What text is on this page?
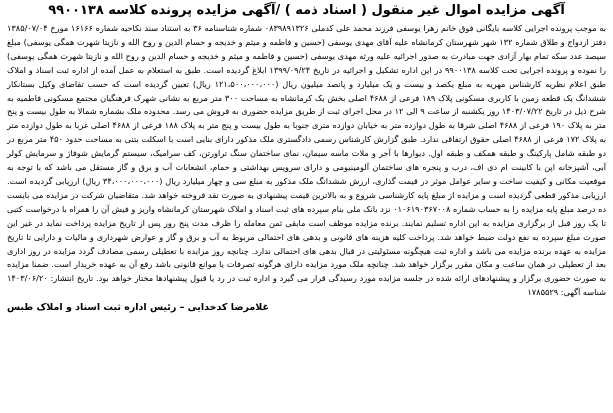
آگهی مزایده اموال غیر منقول ( اسناد ذمه ) /آگهی مزایده پرونده کلاسه ۹۹۰۰۱۳۸

به موجب پرونده اجرایی کلاسه بایگانی فوق خانم زهرا یوسفی فرزند محمد علی کدملی ۰۸۳۹۸۹۱۳۲۶ شماره شناسنامه ۳۶ به استناد سند نکاحیه شماره ۱۶۱۶۶ مورخ ۱۳۸۵/۰۷/۰۴ دفتر ازدواج و طلاق شماره ۱۳۲ شهر شهرستان کرمانشاه علیه آقای مهدی یوسفی (حسین و فاطمه و میثم و خدیجه و حسام الدین و روح الله و نازیتا شهرت همگی یوسفی) مبلغ سیصد عدد سکه تمام بهار آزادی جهت مبادرت به صدور اجرائیه علیه ورثه مهدی یوسفی (حسین و فاطمه و میثم و خدیجه و حسام الدین و روح الله و نازیتا شهرت همگی یوسفی) را نموده و پرونده اجرایی تحت کلاسه ۹۹۰۰۱۳۸ در این اداره تشکیل و اجرائیه در تاریخ ۱۳۹۹/۰۹/۲۴ ابلاغ گردیده است. طبق به استعلام به عمل آمده از اداره ثبت اسناد و املاک طبق اعلام نظریه کارشناس مهریه به مبلغ یکصد و بیست و یک میلیارد و پانصد میلیون ریال (۱۲۱،۵۰۰،۰۰۰،۰۰۰ ریال) تعیین گردیده است که حسب تقاضای وکیل بستانکار ششدانگ یک قطعه زمین با کاربری مسکونی پلاک ۱۸۹ فرعی از ۴۶۸۸ اصلی بخش یک کرمانشاه به مساحت ۳۰۰ متر مربع به نشانی شهرک فرهنگیان مجتمع مسکونی فاطمیه به شرح ذیل در تاریخ ۱۴۰۳/۰۷/۲۲ روز یکشنبه از ساعت ۹ الی ۱۲ در محل اجرای ثبت از طریق مزایده حضوری به فروش می رسد. محدوده ملک بشماره شمالا به طول بیست و پنج متر به پلاک ۱۹۰ فرعی از ۴۶۸۸ اصلی شرقا به طول دوازده متر به خیابان دوازده متری جنوبا به طول بیست و پنج متر به پلاک ۱۸۸ فرعی از ۴۶۸۸ اصلی غربا به طول دوازده متر به پلاک ۱۷۲ فرعی از ۴۶۸۸ اصلی حقوق ارتفاقی ندارد. طبق گزارش کارشناس رسمی دادگستری ملک مذکور دارای بنایی است با اسکلت بتنی به مساحت حدود ۴۵۰ متر مربع در دو طبقه شامل پارکینگ و طبقه همکف و طبقه اول. دیوارها با آجر و ملات ماسه سیمان، نمای ساختمان سنگ تراورتن، کف سرامیک، سیستم گرمایش شوفاژ و سرمایش کولر آبی، آشپزخانه اپن با کابینت ام دی اف، درب و پنجره های ساختمان آلومینیومی و دارای سرویس بهداشتی و حمام، انشعابات آب و برق و گاز مستقل می باشد که با توجه به موقعیت مکانی و کیفیت ساخت و سایر عوامل موثر در قیمت گذاری، ارزش ششدانگ ملک مذکور به مبلغ سی و چهار میلیارد ریال (۳۴،۰۰۰،۰۰۰،۰۰۰ ریال) ارزیابی گردیده است. ارزیابی مذکور قطعی گردیده است و مزایده از مبلغ پایه کارشناسی شروع و به بالاترین قیمت پیشنهادی به صورت نقد فروخته خواهد شد. متقاضیان شرکت در مزایده می بایست ده درصد مبلغ پایه مزایده را به حساب شماره ۰۱۰۶۱۹۰۳۶۷۰۰۸ نزد بانک ملی بنام سپرده های ثبت اسناد و املاک شهرستان کرمانشاه واریز و فیش آن را همراه با درخواست کتبی تا یک روز قبل از برگزاری مزایده به این اداره تسلیم نمایند. برنده مزایده موظف است مابقی ثمن معامله را ظرف مدت پنج روز پس از تاریخ مزایده پرداخت نماید در غیر این صورت مبلغ سپرده به نفع دولت ضبط خواهد شد. پرداخت کلیه هزینه های قانونی و بدهی های احتمالی مربوط به آب و برق و گاز و عوارض شهرداری و مالیات و دارایی تا تاریخ مزایده به عهده برنده مزایده می باشد و اداره ثبت هیچگونه مسئولیتی در قبال بدهی های احتمالی ندارد. چنانچه روز مزایده با تعطیلی رسمی مصادف گردد مزایده در روز اداری بعد از تعطیلی در همان ساعت و مکان مقرر برگزار خواهد شد. چنانچه ملک مورد مزایده دارای هرگونه تصرفات یا موانع قانونی باشد رفع آن به عهده خریدار است. ضمنا مزایده به صورت حضوری برگزار و پیشنهادهای ارائه شده در جلسه مزایده مورد رسیدگی قرار می گیرد و اداره ثبت در رد یا قبول پیشنهادها مختار خواهد بود. تاریخ انتشار: ۱۴۰۳/۰۶/۲۰ شناسه آگهی: ۱۷۸۵۵۲۹

غلامرضا کدخدایی – رئیس اداره ثبت اسناد و املاک طبس
